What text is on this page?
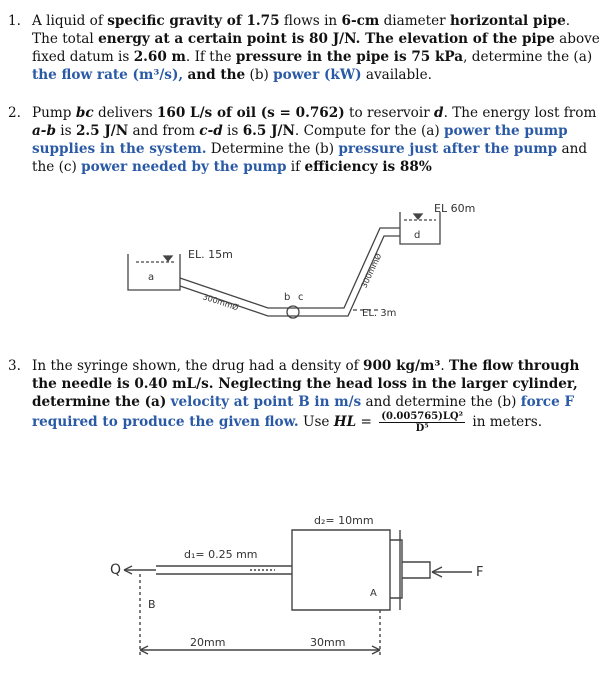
1. A liquid of specific gravity of 1.75 flows in 6-cm diameter horizontal pipe. The total energy at a certain point is 80 J/N. The elevation of the pipe above fixed datum is 2.60 m. If the pressure in the pipe is 75 kPa, determine the (a) the flow rate (m³/s), and the (b) power (kW) available.
2. Pump bc delivers 160 L/s of oil (s = 0.762) to reservoir d. The energy lost from a-b is 2.5 J/N and from c-d is 6.5 J/N. Compute for the (a) power the pump supplies in the system. Determine the (b) pressure just after the pump and the (c) power needed by the pump if efficiency is 88%
EL 60m
EL. 15m
a
b c
d
300mmØ
300mmØ
EL. 3m
3. In the syringe shown, the drug had a density of 900 kg/m³. The flow through the needle is 0.40 mL/s. Neglecting the head loss in the larger cylinder, determine the (a) velocity at point B in m/s and determine the (b) force F required to produce the given flow. Use HL = $\frac{\text{(0.005765)LQ²}}{\text{D⁵}}$ in meters.
Q
d₁= 0.25 mm
d₂= 10mm
B
A
F
20mm	30mm
